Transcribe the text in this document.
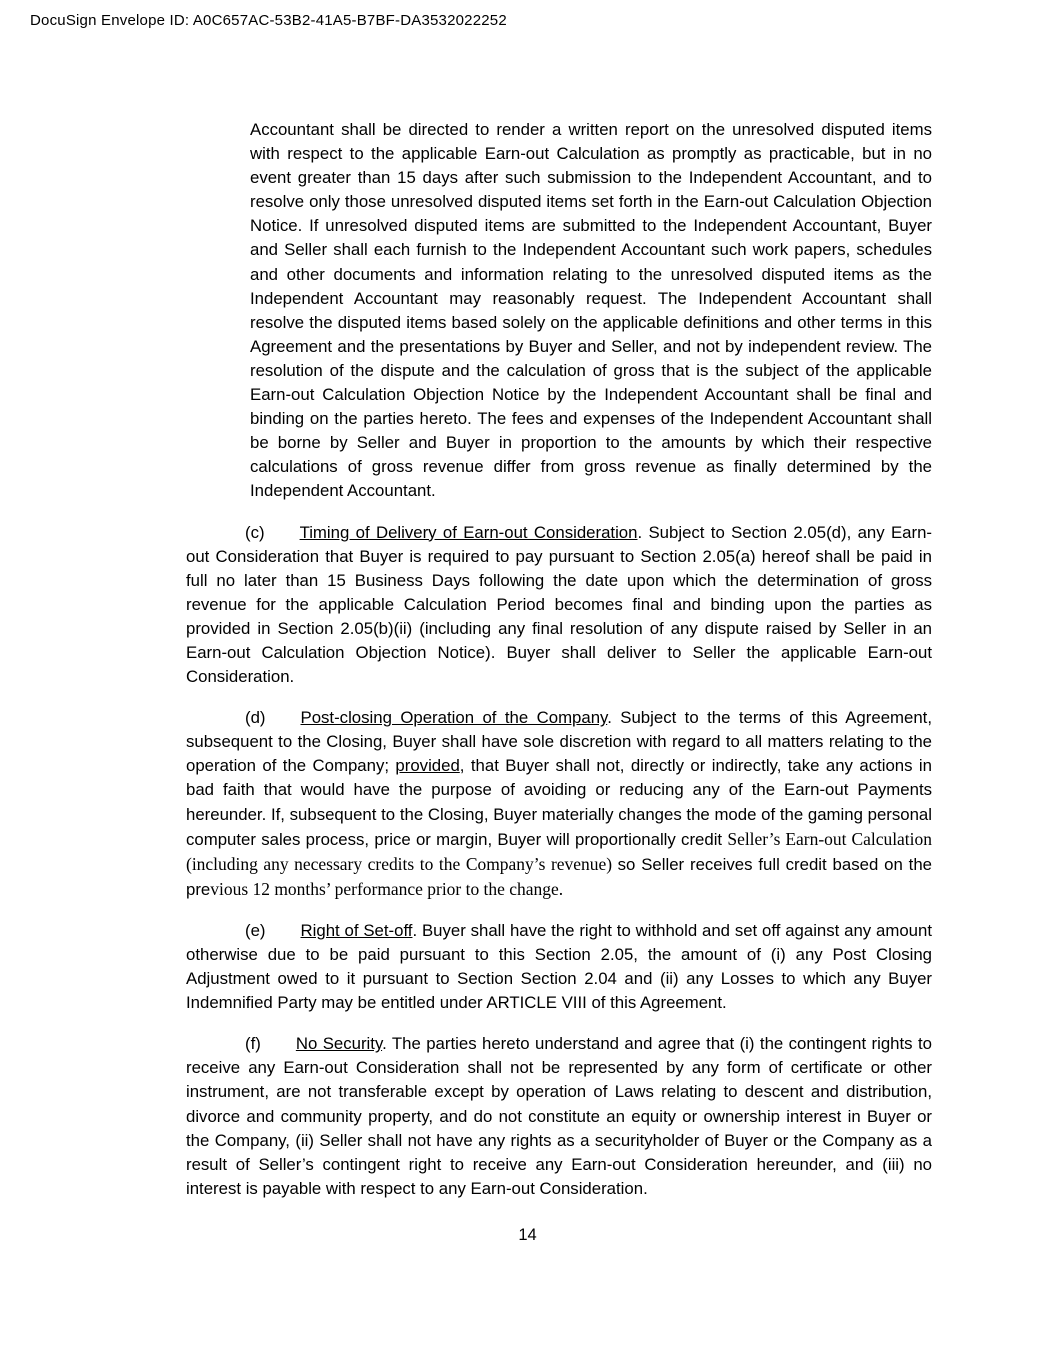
DocuSign Envelope ID: A0C657AC-53B2-41A5-B7BF-DA3532022252

Accountant shall be directed to render a written report on the unresolved disputed items with respect to the applicable Earn-out Calculation as promptly as practicable, but in no event greater than 15 days after such submission to the Independent Accountant, and to resolve only those unresolved disputed items set forth in the Earn-out Calculation Objection Notice. If unresolved disputed items are submitted to the Independent Accountant, Buyer and Seller shall each furnish to the Independent Accountant such work papers, schedules and other documents and information relating to the unresolved disputed items as the Independent Accountant may reasonably request. The Independent Accountant shall resolve the disputed items based solely on the applicable definitions and other terms in this Agreement and the presentations by Buyer and Seller, and not by independent review. The resolution of the dispute and the calculation of gross that is the subject of the applicable Earn-out Calculation Objection Notice by the Independent Accountant shall be final and binding on the parties hereto. The fees and expenses of the Independent Accountant shall be borne by Seller and Buyer in proportion to the amounts by which their respective calculations of gross revenue differ from gross revenue as finally determined by the Independent Accountant.

(c) Timing of Delivery of Earn-out Consideration. Subject to Section 2.05(d), any Earn-out Consideration that Buyer is required to pay pursuant to Section 2.05(a) hereof shall be paid in full no later than 15 Business Days following the date upon which the determination of gross revenue for the applicable Calculation Period becomes final and binding upon the parties as provided in Section 2.05(b)(ii) (including any final resolution of any dispute raised by Seller in an Earn-out Calculation Objection Notice). Buyer shall deliver to Seller the applicable Earn-out Consideration.

(d) Post-closing Operation of the Company. Subject to the terms of this Agreement, subsequent to the Closing, Buyer shall have sole discretion with regard to all matters relating to the operation of the Company; provided, that Buyer shall not, directly or indirectly, take any actions in bad faith that would have the purpose of avoiding or reducing any of the Earn-out Payments hereunder. If, subsequent to the Closing, Buyer materially changes the mode of the gaming personal computer sales process, price or margin, Buyer will proportionally credit Seller’s Earn-out Calculation (including any necessary credits to the Company’s revenue) so Seller receives full credit based on the previous 12 months’ performance prior to the change.

(e) Right of Set-off. Buyer shall have the right to withhold and set off against any amount otherwise due to be paid pursuant to this Section 2.05, the amount of (i) any Post Closing Adjustment owed to it pursuant to Section Section 2.04 and (ii) any Losses to which any Buyer Indemnified Party may be entitled under ARTICLE VIII of this Agreement.

(f) No Security. The parties hereto understand and agree that (i) the contingent rights to receive any Earn-out Consideration shall not be represented by any form of certificate or other instrument, are not transferable except by operation of Laws relating to descent and distribution, divorce and community property, and do not constitute an equity or ownership interest in Buyer or the Company, (ii) Seller shall not have any rights as a securityholder of Buyer or the Company as a result of Seller’s contingent right to receive any Earn-out Consideration hereunder, and (iii) no interest is payable with respect to any Earn-out Consideration.

14
